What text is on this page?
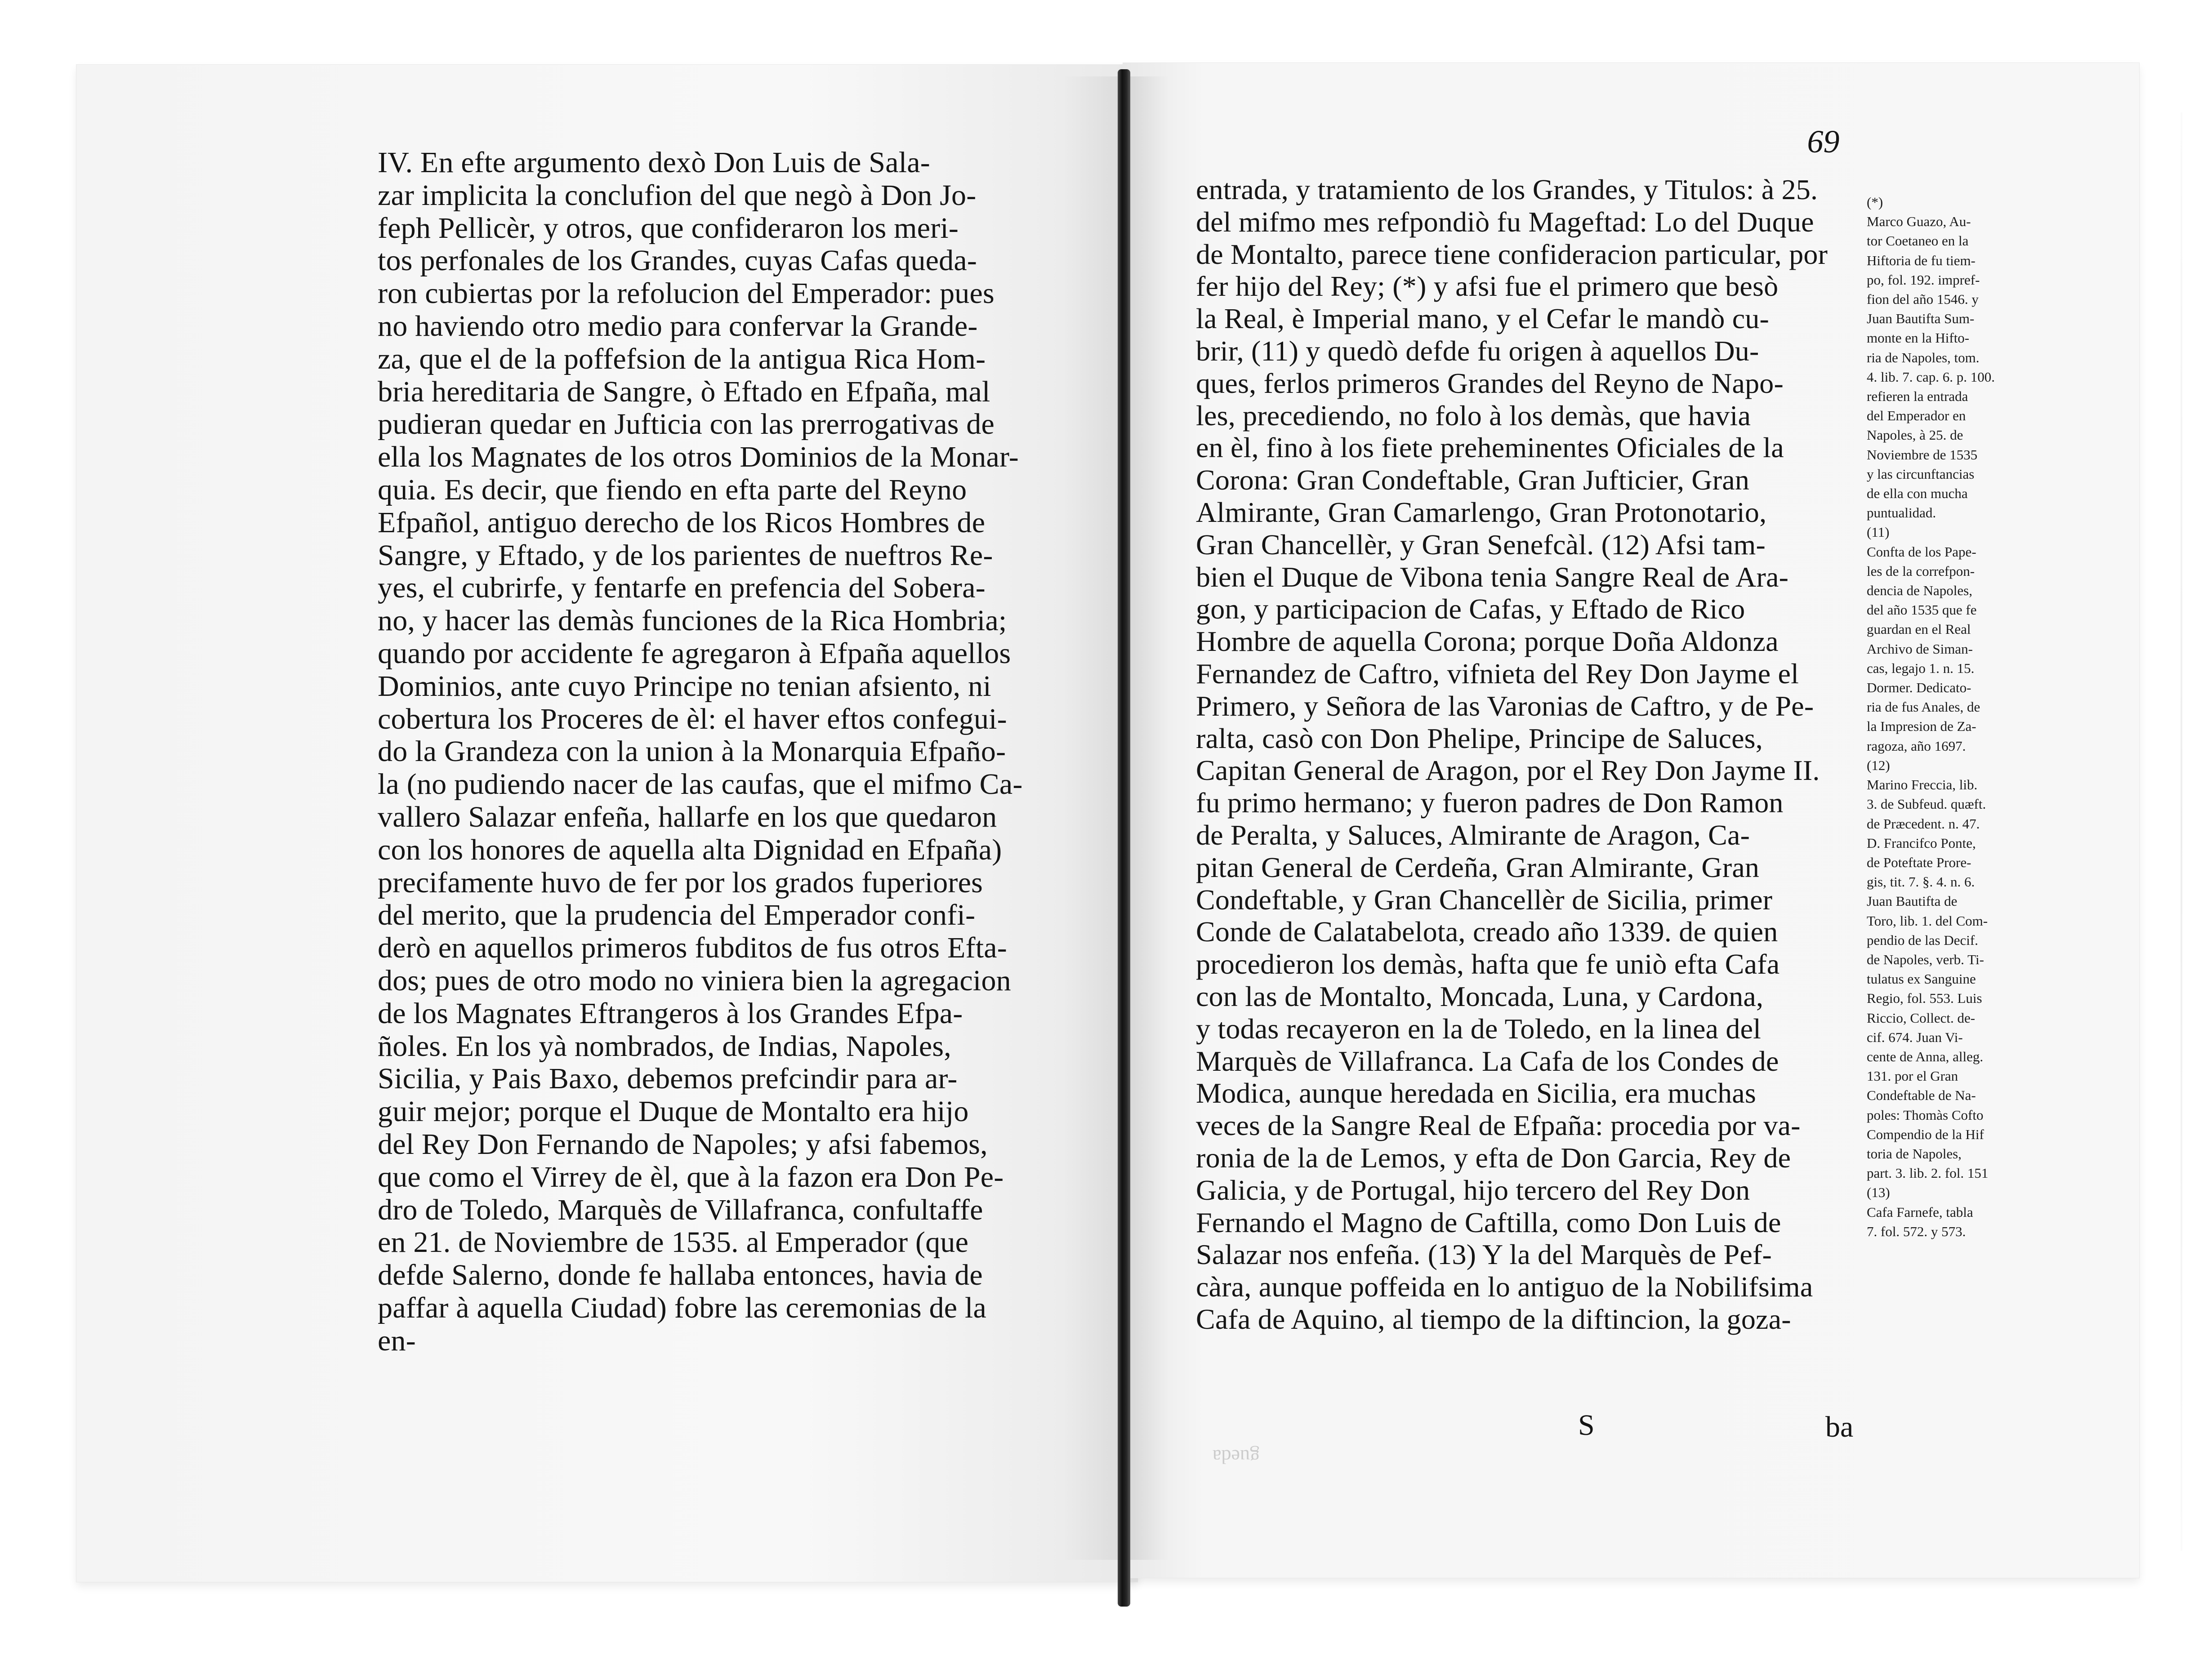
IV. En efte argumento dexò Don Luis de Sala-
zar implicita la conclufion del que negò à Don Jo-
feph Pellicèr, y otros, que confideraron los meri-
tos perfonales de los Grandes, cuyas Cafas queda-
ron cubiertas por la refolucion del Emperador: pues
no haviendo otro medio para confervar la Grande-
za, que el de la poffefsion de la antigua Rica Hom-
bria hereditaria de Sangre, ò Eftado en Efpaña, mal
pudieran quedar en Jufticia con las prerrogativas de
ella los Magnates de los otros Dominios de la Monar-
quia. Es decir, que fiendo en efta parte del Reyno
Efpañol, antiguo derecho de los Ricos Hombres de
Sangre, y Eftado, y de los parientes de nueftros Re-
yes, el cubrirfe, y fentarfe en prefencia del Sobera-
no, y hacer las demàs funciones de la Rica Hombria;
quando por accidente fe agregaron à Efpaña aquellos
Dominios, ante cuyo Principe no tenian afsiento, ni
cobertura los Proceres de èl: el haver eftos confegui-
do la Grandeza con la union à la Monarquia Efpaño-
la (no pudiendo nacer de las caufas, que el mifmo Ca-
vallero Salazar enfeña, hallarfe en los que quedaron
con los honores de aquella alta Dignidad en Efpaña)
precifamente huvo de fer por los grados fuperiores
del merito, que la prudencia del Emperador confi-
derò en aquellos primeros fubditos de fus otros Efta-
dos; pues de otro modo no viniera bien la agregacion
de los Magnates Eftrangeros à los Grandes Efpa-
ñoles. En los yà nombrados, de Indias, Napoles,
Sicilia, y Pais Baxo, debemos prefcindir para ar-
guir mejor; porque el Duque de Montalto era hijo
del Rey Don Fernando de Napoles; y afsi fabemos,
que como el Virrey de èl, que à la fazon era Don Pe-
dro de Toledo, Marquès de Villafranca, confultaffe
en 21. de Noviembre de 1535. al Emperador (que
defde Salerno, donde fe hallaba entonces, havia de
paffar à aquella Ciudad) fobre las ceremonias de la
en-
69
entrada, y tratamiento de los Grandes, y Titulos: à 25.
del mifmo mes refpondiò fu Mageftad: Lo del Duque
de Montalto, parece tiene confideracion particular, por
fer hijo del Rey; (*) y afsi fue el primero que besò
la Real, è Imperial mano, y el Cefar le mandò cu-
brir, (11) y quedò defde fu origen à aquellos Du-
ques, ferlos primeros Grandes del Reyno de Napo-
les, precediendo, no folo à los demàs, que havia
en èl, fino à los fiete preheminentes Oficiales de la
Corona: Gran Condeftable, Gran Jufticier, Gran
Almirante, Gran Camarlengo, Gran Protonotario,
Gran Chancellèr, y Gran Senefcàl. (12) Afsi tam-
bien el Duque de Vibona tenia Sangre Real de Ara-
gon, y participacion de Cafas, y Eftado de Rico
Hombre de aquella Corona; porque Doña Aldonza
Fernandez de Caftro, vifnieta del Rey Don Jayme el
Primero, y Señora de las Varonias de Caftro, y de Pe-
ralta, casò con Don Phelipe, Principe de Saluces,
Capitan General de Aragon, por el Rey Don Jayme II.
fu primo hermano; y fueron padres de Don Ramon
de Peralta, y Saluces, Almirante de Aragon, Ca-
pitan General de Cerdeña, Gran Almirante, Gran
Condeftable, y Gran Chancellèr de Sicilia, primer
Conde de Calatabelota, creado año 1339. de quien
procedieron los demàs, hafta que fe uniò efta Cafa
con las de Montalto, Moncada, Luna, y Cardona,
y todas recayeron en la de Toledo, en la linea del
Marquès de Villafranca. La Cafa de los Condes de
Modica, aunque heredada en Sicilia, era muchas
veces de la Sangre Real de Efpaña: procedia por va-
ronia de la de Lemos, y efta de Don Garcia, Rey de
Galicia, y de Portugal, hijo tercero del Rey Don
Fernando el Magno de Caftilla, como Don Luis de
Salazar nos enfeña. (13) Y la del Marquès de Pef-
càra, aunque poffeida en lo antiguo de la Nobilifsima
Cafa de Aquino, al tiempo de la diftincion, la goza-
(*)
Marco Guazo, Au-
tor Coetaneo en la
Hiftoria de fu tiem-
po, fol. 192. impref-
fion del año 1546. y
Juan Bautifta Sum-
monte en la Hifto-
ria de Napoles, tom.
4. lib. 7. cap. 6. p. 100.
refieren la entrada
del Emperador en
Napoles, à 25. de
Noviembre de 1535
y las circunftancias
de ella con mucha
puntualidad.
(11)
Confta de los Pape-
les de la correfpon-
dencia de Napoles,
del año 1535 que fe
guardan en el Real
Archivo de Siman-
cas, legajo 1. n. 15.
Dormer. Dedicato-
ria de fus Anales, de
la Impresion de Za-
ragoza, año 1697.
(12)
Marino Freccia, lib.
3. de Subfeud. quæft.
de Præcedent. n. 47.
D. Francifco Ponte,
de Poteftate Prore-
gis, tit. 7. §. 4. n. 6.
Juan Bautifta de
Toro, lib. 1. del Com-
pendio de las Decif.
de Napoles, verb. Ti-
tulatus ex Sanguine
Regio, fol. 553. Luis
Riccio, Collect. de-
cif. 674. Juan Vi-
cente de Anna, alleg.
131. por el Gran
Condeftable de Na-
poles: Thomàs Cofto
Compendio de la Hif
toria de Napoles,
part. 3. lib. 2. fol. 151
(13)
Cafa Farnefe, tabla
7. fol. 572. y 573.
S	ba
gueda
